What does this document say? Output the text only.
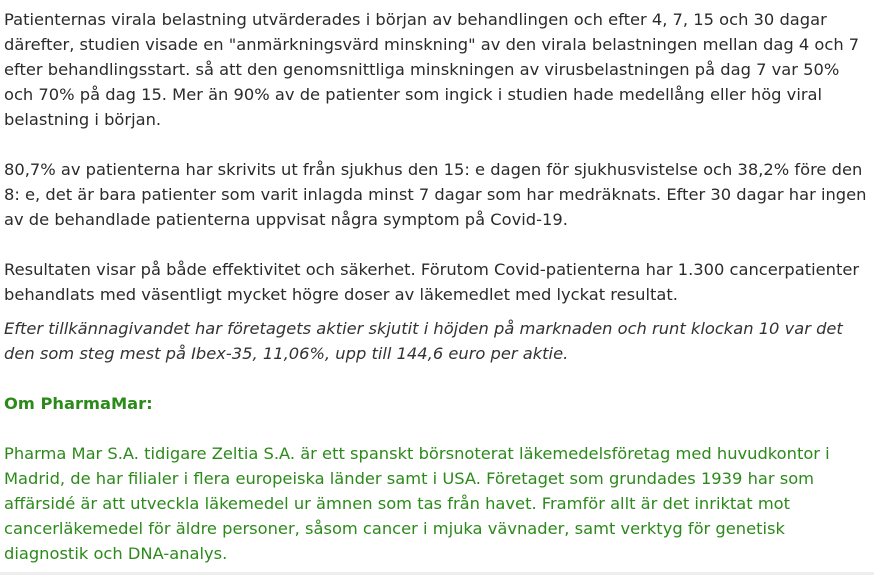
Patienternas virala belastning utvärderades i början av behandlingen och efter 4, 7, 15 och 30 dagar därefter, studien visade en "anmärkningsvärd minskning" av den virala belastningen mellan dag 4 och 7 efter behandlingsstart. så att den genomsnittliga minskningen av virusbelastningen på dag 7 var 50% och 70% på dag 15. Mer än 90% av de patienter som ingick i studien hade medellång eller hög viral belastning i början.

80,7% av patienterna har skrivits ut från sjukhus den 15: e dagen för sjukhusvistelse och 38,2% före den 8: e, det är bara patienter som varit inlagda minst 7 dagar som har medräknats. Efter 30 dagar har ingen av de behandlade patienterna uppvisat några symptom på Covid-19.

Resultaten visar på både effektivitet och säkerhet. Förutom Covid-patienterna har 1.300 cancerpatienter behandlats med väsentligt mycket högre doser av läkemedlet med lyckat resultat.

Efter tillkännagivandet har företagets aktier skjutit i höjden på marknaden och runt klockan 10 var det den som steg mest på Ibex-35, 11,06%, upp till 144,6 euro per aktie.

Om PharmaMar:

Pharma Mar S.A. tidigare Zeltia S.A. är ett spanskt börsnoterat läkemedelsföretag med huvudkontor i Madrid, de har filialer i flera europeiska länder samt i USA. Företaget som grundades 1939 har som affärsidé är att utveckla läkemedel ur ämnen som tas från havet. Framför allt är det inriktat mot cancerläkemedel för äldre personer, såsom cancer i mjuka vävnader, samt verktyg för genetisk diagnostik och DNA-analys.
